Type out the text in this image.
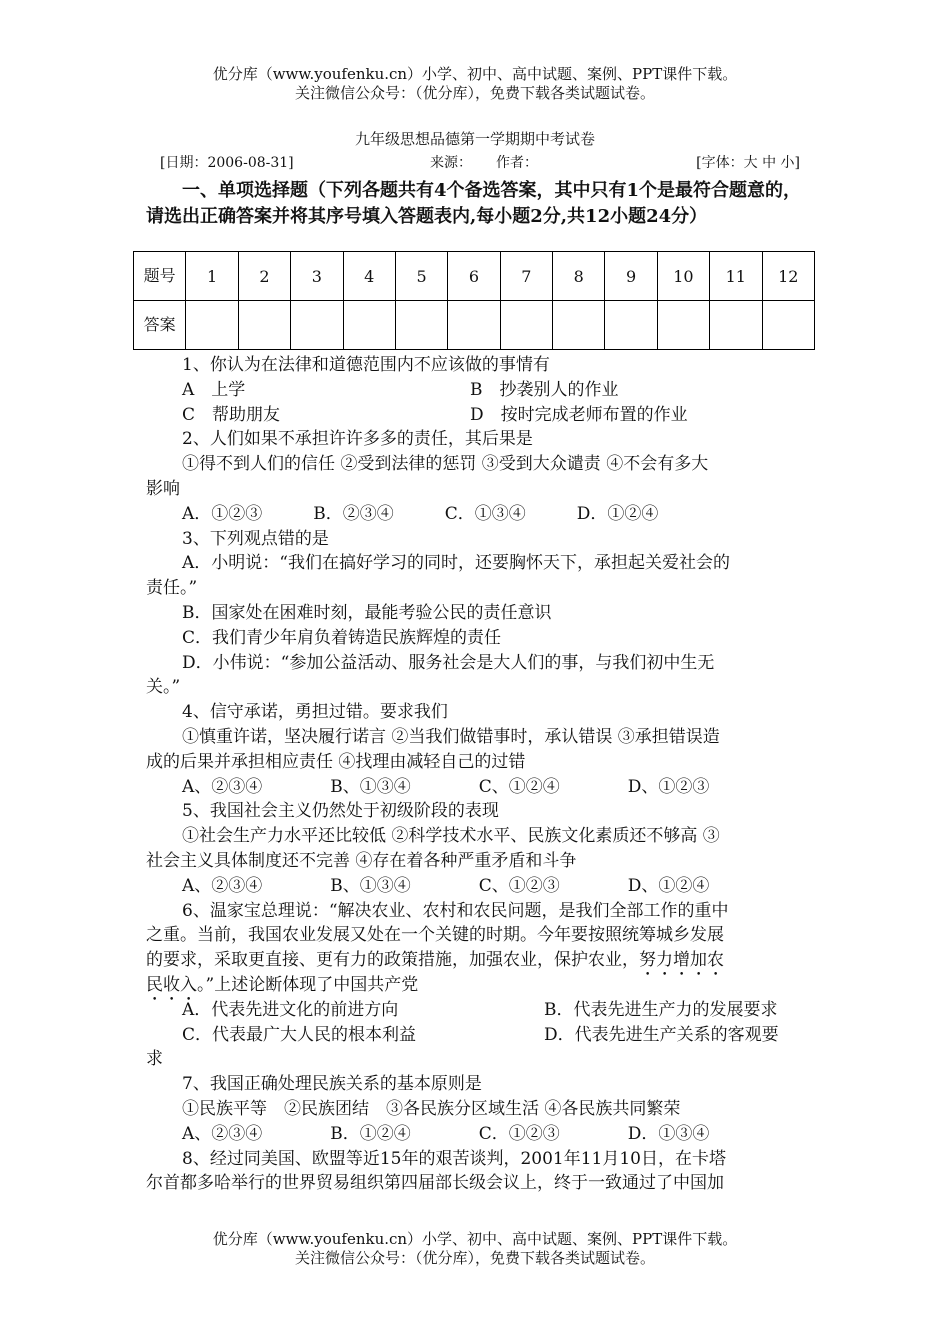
优分库（www.youfenku.cn）小学、初中、高中试题、案例、PPT课件下载。
关注微信公众号：（优分库），免费下载各类试题试卷。
九年级思想品德第一学期期中考试卷
[日期：2006-08-31]	来源： 作者：	[字体：大 中 小]
一、单项选择题（下列各题共有4个备选答案，其中只有1个是最符合题意的，请选出正确答案并将其序号填入答题表内,每小题2分,共12小题24分）
题号	1	2	3	4	5	6	7	8	9	10	11	12
答案												
1、你认为在法律和道德范围内不应该做的事情有
A　上学	B　抄袭别人的作业
C　帮助朋友	D　按时完成老师布置的作业
2、人们如果不承担许许多多的责任，其后果是
①得不到人们的信任 ②受到法律的惩罚 ③受到大众谴责 ④不会有多大
影响
A．①②③　　　B．②③④　　　C．①③④　　　D．①②④
3、下列观点错的是
A．小明说：“我们在搞好学习的同时，还要胸怀天下，承担起关爱社会的
责任。”
B．国家处在困难时刻，最能考验公民的责任意识
C．我们青少年肩负着铸造民族辉煌的责任
D．小伟说：“参加公益活动、服务社会是大人们的事，与我们初中生无
关。”
4、信守承诺，勇担过错。要求我们
①慎重许诺，坚决履行诺言 ②当我们做错事时，承认错误 ③承担错误造
成的后果并承担相应责任 ④找理由减轻自己的过错
A、②③④　　　　B、①③④　　　　C、①②④　　　　D、①②③
5、我国社会主义仍然处于初级阶段的表现
①社会生产力水平还比较低 ②科学技术水平、民族文化素质还不够高 ③
社会主义具体制度还不完善 ④存在着各种严重矛盾和斗争
A、②③④　　　　B、①③④　　　　C、①②③　　　　D、①②④
6、温家宝总理说：“解决农业、农村和农民问题，是我们全部工作的重中
之重。当前，我国农业发展又处在一个关键的时期。今年要按照统筹城乡发展
的要求，采取更直接、更有力的政策措施，加强农业，保护农业，努力增加农
民收入。”上述论断体现了中国共产党
A．代表先进文化的前进方向	B．代表先进生产力的发展要求
C．代表最广大人民的根本利益	D．代表先进生产关系的客观要
求
7、我国正确处理民族关系的基本原则是
①民族平等　②民族团结　③各民族分区域生活 ④各民族共同繁荣
A、②③④　　　　B．①②④　　　　C．①②③　　　　D．①③④
8、经过同美国、欧盟等近15年的艰苦谈判，2001年11月10日，在卡塔
尔首都多哈举行的世界贸易组织第四届部长级会议上，终于一致通过了中国加
优分库（www.youfenku.cn）小学、初中、高中试题、案例、PPT课件下载。
关注微信公众号：（优分库），免费下载各类试题试卷。
